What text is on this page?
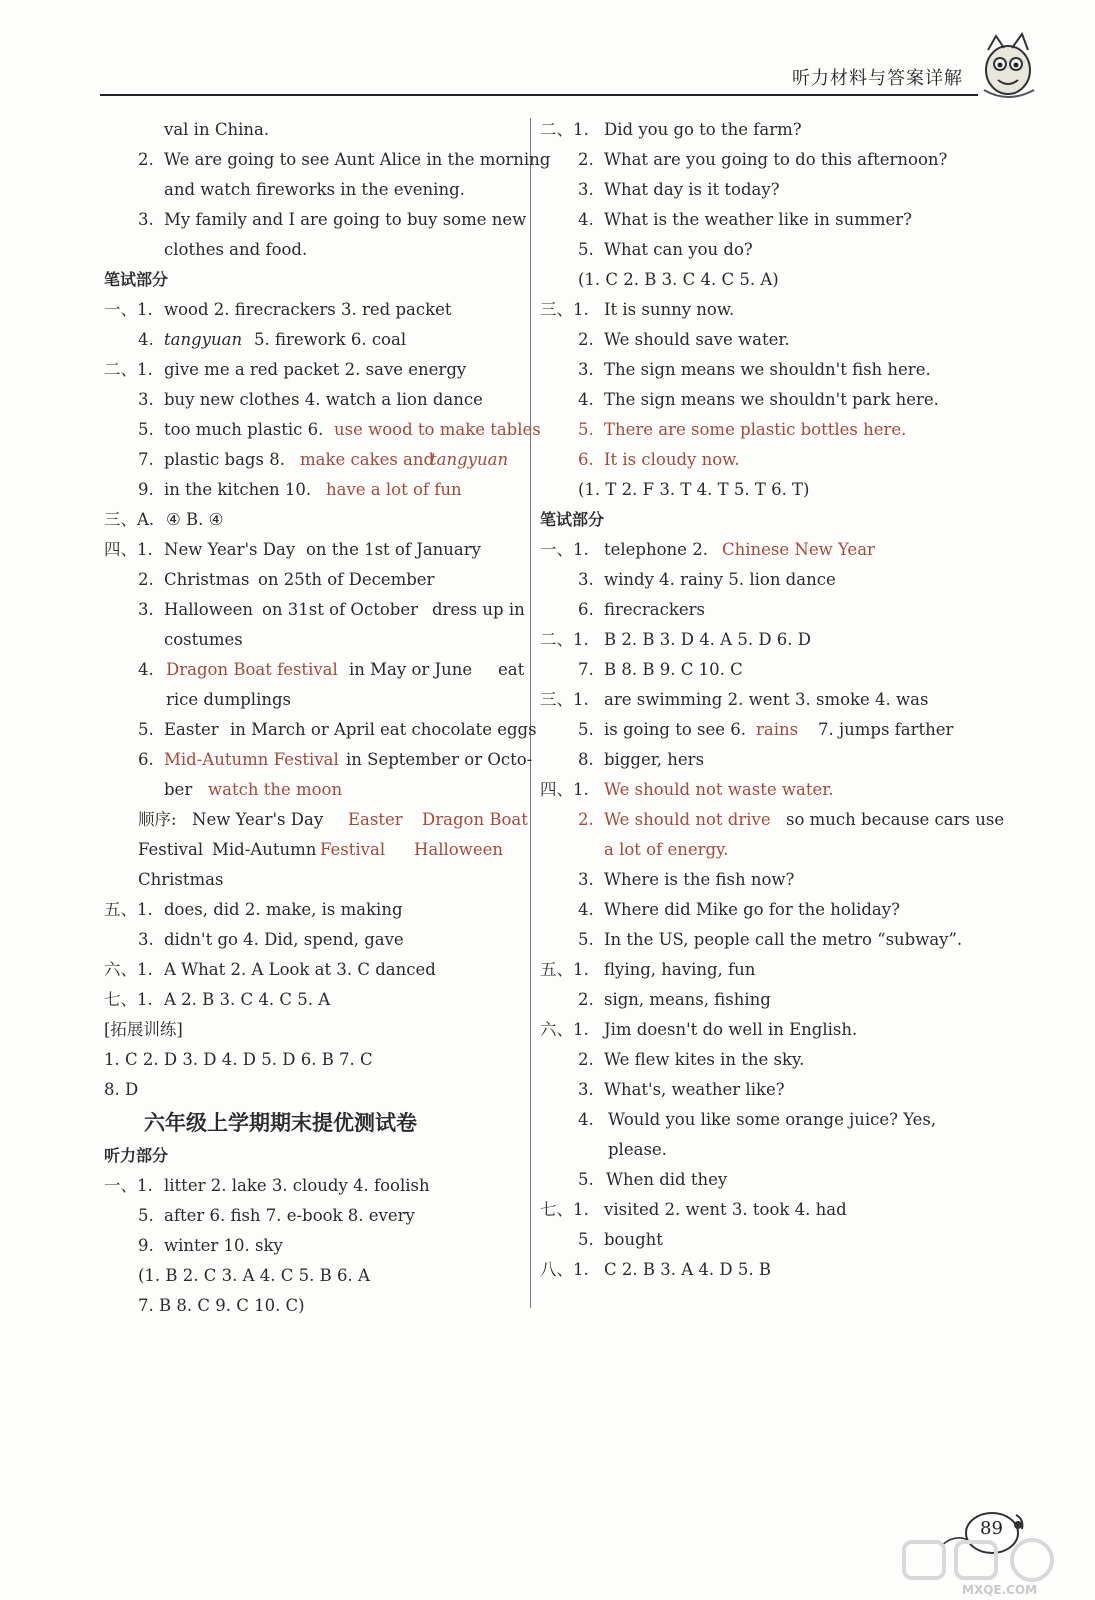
听力材料与答案详解
val in China.
2. We are going to see Aunt Alice in the morning
and watch fireworks in the evening.
3. My family and I are going to buy some new
clothes and food.
笔试部分
一、1. wood 2. firecrackers 3. red packet
4. tangyuan 5. firework 6. coal
二、1. give me a red packet 2. save energy
3. buy new clothes 4. watch a lion dance
5. too much plastic 6. use wood to make tables
7. plastic bags 8. make cakes and
tangyuan
9. in the kitchen 10. have a lot of fun
三、A. ④ B. ④
四、1. New Year's Day on the 1st of January
2. Christmas on 25th of December
3. Halloween on 31st of October dress up in
costumes
4. Dragon Boat festival in May or June eat
rice dumplings
5. Easter in March or April eat chocolate eggs
6. Mid-Autumn Festival in September or Octo-
ber watch the moon
顺序: New Year's Day Easter Dragon Boat
Festival Mid-Autumn Festival Halloween
Christmas
五、1. does, did 2. make, is making
3. didn't go 4. Did, spend, gave
六、1. A What 2. A Look at 3. C danced
七、1. A 2. B 3. C 4. C 5. A
[拓展训练]
1. C 2. D 3. D 4. D 5. D 6. B 7. C
8. D
六年级上学期期末提优测试卷
听力部分
一、1. litter 2. lake 3. cloudy 4. foolish
5. after 6. fish 7. e-book 8. every
9. winter 10. sky
(1. B 2. C 3. A 4. C 5. B 6. A
7. B 8. C 9. C 10. C)
二、1. Did you go to the farm?
2. What are you going to do this afternoon?
3. What day is it today?
4. What is the weather like in summer?
5. What can you do?
(1. C 2. B 3. C 4. C 5. A)
三、1. It is sunny now.
2. We should save water.
3. The sign means we shouldn't fish here.
4. The sign means we shouldn't park here.
5. There are some plastic bottles here.
6. It is cloudy now.
(1. T 2. F 3. T 4. T 5. T 6. T)
笔试部分
一、1. telephone 2. Chinese New Year
3. windy 4. rainy 5. lion dance
6. firecrackers
二、1. B 2. B 3. D 4. A 5. D 6. D
7. B 8. B 9. C 10. C
三、1. are swimming 2. went 3. smoke 4. was
5. is going to see 6. rains 7. jumps farther
8. bigger, hers
四、1. We should not waste water.
2. We should not drive so much because cars use
a lot of energy.
3. Where is the fish now?
4. Where did Mike go for the holiday?
5. In the US, people call the metro “subway”.
五、1. flying, having, fun
2. sign, means, fishing
六、1. Jim doesn't do well in English.
2. We flew kites in the sky.
3. What's, weather like?
4. Would you like some orange juice? Yes,
please.
5. When did they
七、1. visited 2. went 3. took 4. had
5. bought
八、1. C 2. B 3. A 4. D 5. B
89
MXQE.COM
